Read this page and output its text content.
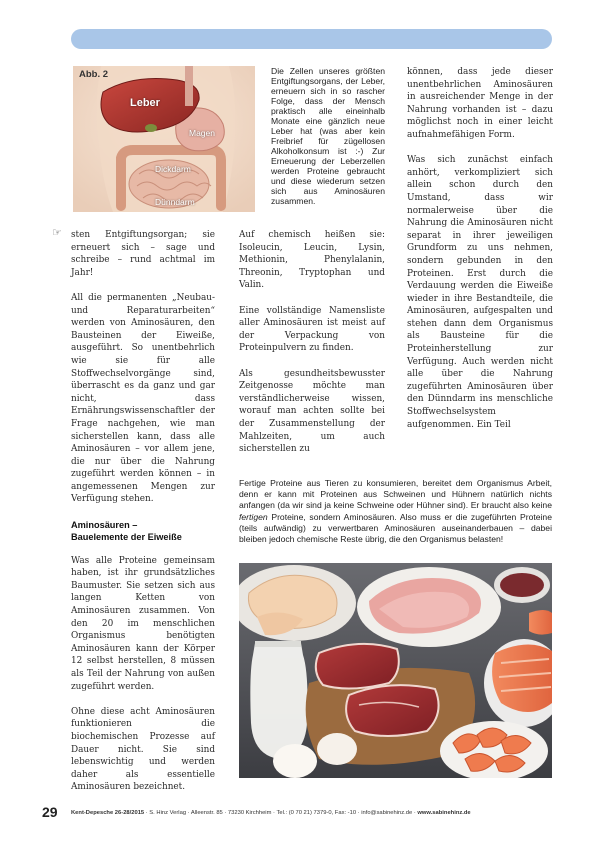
Abb. 2
Leber
Magen
Dickdarm
Dünndarm

Die Zellen unseres größten Entgiftungsorgans, der Leber, erneuern sich in so rascher Folge, dass der Mensch praktisch alle eineinhalb Monate eine gänzlich neue Leber hat (was aber kein Freibrief für zügellosen Alkoholkonsum ist :-) Zur Erneuerung der Leberzellen werden Proteine gebraucht und diese wiederum setzen sich aus Aminosäuren zusammen.

☞ sten Entgiftungsorgan; sie erneuert sich – sage und schreibe – rund achtmal im Jahr!

All die permanenten „Neubau- und Reparaturarbeiten“ werden von Aminosäuren, den Bausteinen der Eiweiße, ausgeführt. So unentbehrlich wie sie für alle Stoffwechselvorgänge sind, überrascht es da ganz und gar nicht, dass Ernährungswissenschaftler der Frage nachgehen, wie man sicherstellen kann, dass alle Aminosäuren – vor allem jene, die nur über die Nahrung zugeführt werden können – in angemessenen Mengen zur Verfügung stehen.

Aminosäuren –
Bauelemente der Eiweiße

Was alle Proteine gemeinsam haben, ist ihr grundsätzliches Baumuster. Sie setzen sich aus langen Ketten von Aminosäuren zusammen. Von den 20 im menschlichen Organismus benötigten Aminosäuren kann der Körper 12 selbst herstellen, 8 müssen als Teil der Nahrung von außen zugeführt werden.

Ohne diese acht Aminosäuren funktionieren die biochemischen Prozesse auf Dauer nicht. Sie sind lebenswichtig und werden daher als essentielle Aminosäuren bezeichnet.

Auf chemisch heißen sie: Isoleucin, Leucin, Lysin, Methionin, Phenylalanin, Threonin, Tryptophan und Valin.

Eine vollständige Namensliste aller Aminosäuren ist meist auf der Verpackung von Proteinpulvern zu finden.

Als gesundheitsbewusster Zeitgenosse möchte man verständlicherweise wissen, worauf man achten sollte bei der Zusammenstellung der Mahlzeiten, um auch sicherstellen zu

können, dass jede dieser unentbehrlichen Aminosäuren in ausreichender Menge in der Nahrung vorhanden ist – dazu möglichst noch in einer leicht aufnahmefähigen Form.

Was sich zunächst einfach anhört, verkompliziert sich allein schon durch den Umstand, dass wir normalerweise über die Nahrung die Aminosäuren nicht separat in ihrer jeweiligen Grundform zu uns nehmen, sondern gebunden in den Proteinen. Erst durch die Verdauung werden die Eiweiße wieder in ihre Bestandteile, die Aminosäuren, aufgespalten und stehen dann dem Organismus als Bausteine für die Proteinherstellung zur Verfügung. Auch werden nicht alle über die Nahrung zugeführten Aminosäuren über den Dünndarm ins menschliche Stoffwechselsystem aufgenommen. Ein Teil

Fertige Proteine aus Tieren zu konsumieren, bereitet dem Organismus Arbeit, denn er kann mit Proteinen aus Schweinen und Hühnern natürlich nichts anfangen (da wir sind ja keine Schweine oder Hühner sind). Er braucht also keine fertigen Proteine, sondern Aminosäuren. Also muss er die zugeführten Proteine (teils aufwändig) zu verwertbaren Aminosäuren auseinanderbauen – dabei bleiben jedoch chemische Reste übrig, die den Organismus belasten!

29 Kent-Depesche 26-28/2015 · S. Hinz Verlag · Alleenstr. 85 · 73230 Kirchheim · Tel.: (0 70 21) 7379-0, Fax: -10 · info@sabinehinz.de · www.sabinehinz.de
